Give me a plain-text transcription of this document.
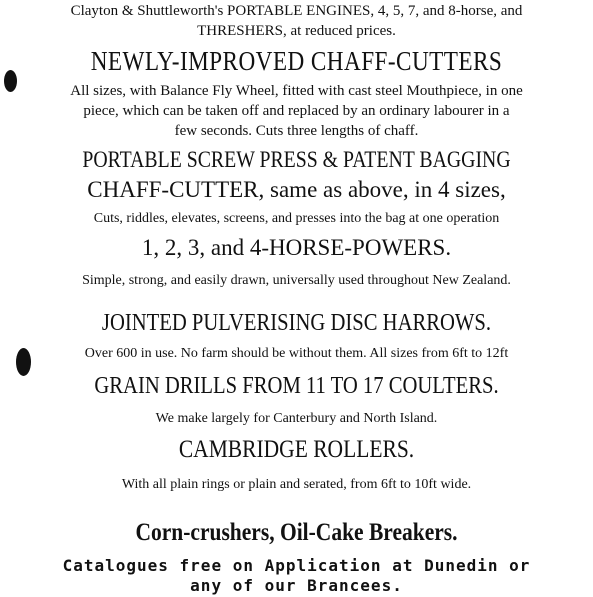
Clayton & Shuttleworth's PORTABLE ENGINES, 4, 5, 7, and 8-horse, and
THRESHERS, at reduced prices.
NEWLY-IMPROVED CHAFF-CUTTERS
All sizes, with Balance Fly Wheel, fitted with cast steel Mouthpiece, in one
piece, which can be taken off and replaced by an ordinary labourer in a
few seconds. Cuts three lengths of chaff.
PORTABLE SCREW PRESS & PATENT BAGGING
CHAFF-CUTTER, same as above, in 4 sizes,
Cuts, riddles, elevates, screens, and presses into the bag at one operation
1, 2, 3, and 4-HORSE-POWERS.
Simple, strong, and easily drawn, universally used throughout New Zealand.
JOINTED PULVERISING DISC HARROWS.
Over 600 in use. No farm should be without them. All sizes from 6ft to 12ft
GRAIN DRILLS FROM 11 TO 17 COULTERS.
We make largely for Canterbury and North Island.
CAMBRIDGE ROLLERS.
With all plain rings or plain and serated, from 6ft to 10ft wide.
Corn-crushers, Oil-Cake Breakers.
Catalogues free on Application at Dunedin or
any of our Brancees.
